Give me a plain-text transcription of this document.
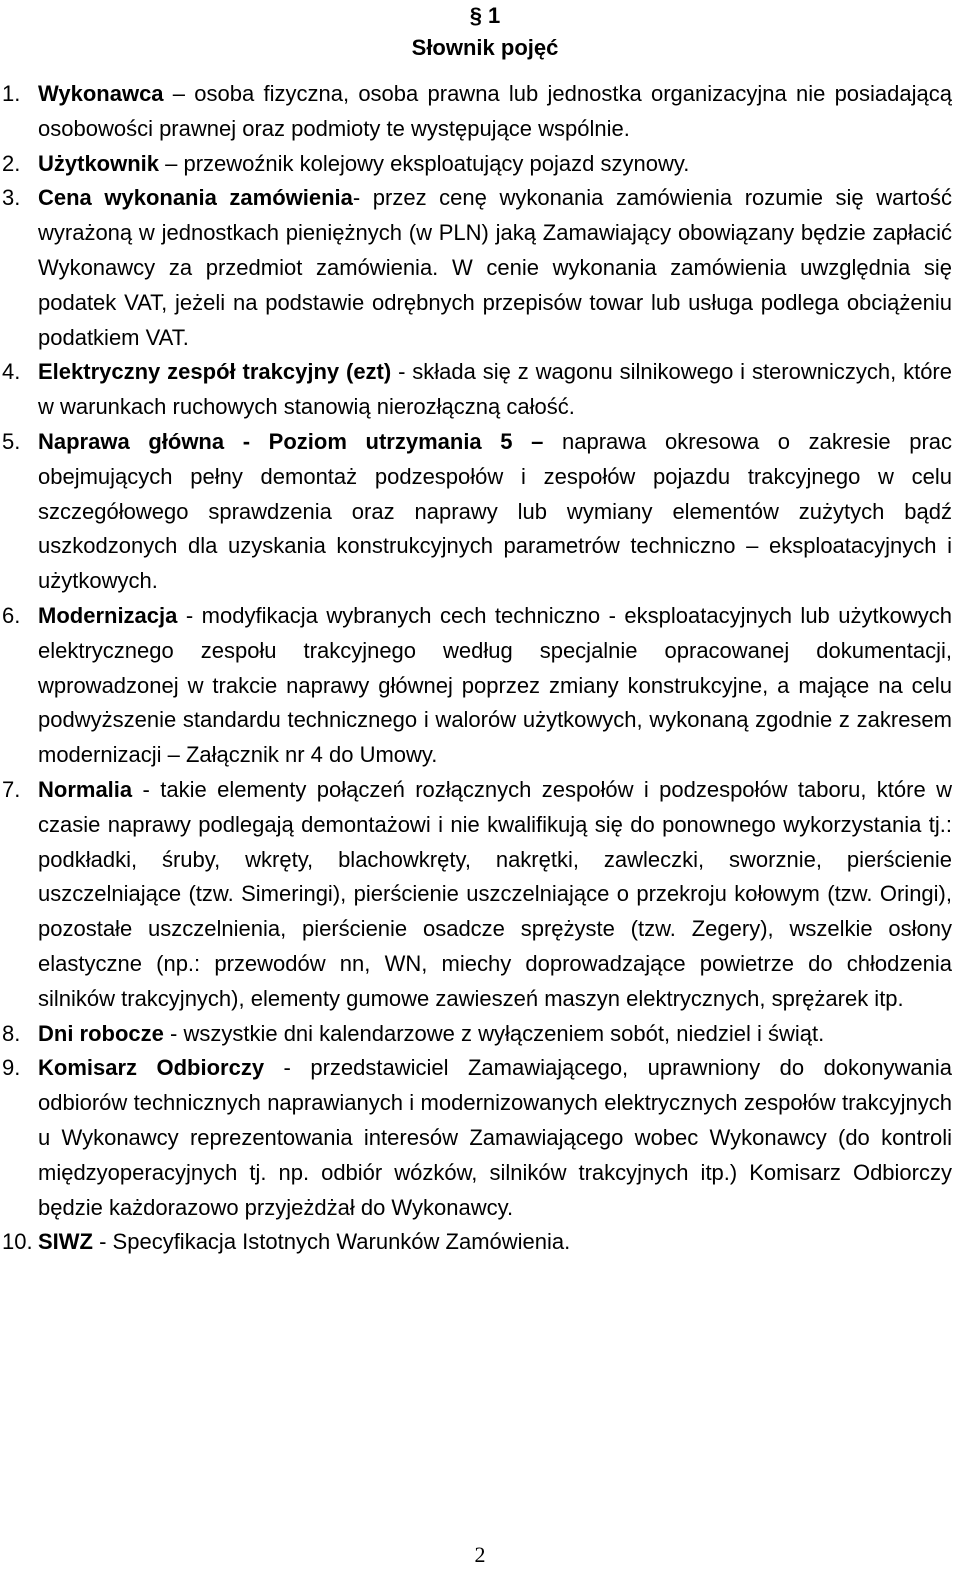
§ 1
Słownik pojęć
1. Wykonawca – osoba fizyczna, osoba prawna lub jednostka organizacyjna nie posiadającą osobowości prawnej oraz podmioty te występujące wspólnie.
2. Użytkownik – przewoźnik kolejowy eksploatujący pojazd szynowy.
3. Cena wykonania zamówienia- przez cenę wykonania zamówienia rozumie się wartość wyrażoną w jednostkach pieniężnych (w PLN) jaką Zamawiający obowiązany będzie zapłacić Wykonawcy za przedmiot zamówienia. W cenie wykonania zamówienia uwzględnia się podatek VAT, jeżeli na podstawie odrębnych przepisów towar lub usługa podlega obciążeniu podatkiem VAT.
4. Elektryczny zespół trakcyjny (ezt) - składa się z wagonu silnikowego i sterowniczych, które w warunkach ruchowych stanowią nierozłączną całość.
5. Naprawa główna - Poziom utrzymania 5 – naprawa okresowa o zakresie prac obejmujących pełny demontaż podzespołów i zespołów pojazdu trakcyjnego w celu szczegółowego sprawdzenia oraz naprawy lub wymiany elementów zużytych bądź uszkodzonych dla uzyskania konstrukcyjnych parametrów techniczno – eksploatacyjnych i użytkowych.
6. Modernizacja - modyfikacja wybranych cech techniczno - eksploatacyjnych lub użytkowych elektrycznego zespołu trakcyjnego według specjalnie opracowanej dokumentacji, wprowadzonej w trakcie naprawy głównej poprzez zmiany konstrukcyjne, a mające na celu podwyższenie standardu technicznego i walorów użytkowych, wykonaną zgodnie z zakresem modernizacji – Załącznik nr 4 do Umowy.
7. Normalia - takie elementy połączeń rozłącznych zespołów i podzespołów taboru, które w czasie naprawy podlegają demontażowi i nie kwalifikują się do ponownego wykorzystania tj.: podkładki, śruby, wkręty, blachowkręty, nakrętki, zawleczki, sworznie, pierścienie uszczelniające (tzw. Simeringi), pierścienie uszczelniające o przekroju kołowym (tzw. Oringi), pozostałe uszczelnienia, pierścienie osadcze sprężyste (tzw. Zegery), wszelkie osłony elastyczne (np.: przewodów nn, WN, miechy doprowadzające powietrze do chłodzenia silników trakcyjnych), elementy gumowe zawieszeń maszyn elektrycznych, sprężarek itp.
8. Dni robocze - wszystkie dni kalendarzowe z wyłączeniem sobót, niedziel i świąt.
9. Komisarz Odbiorczy - przedstawiciel Zamawiającego, uprawniony do dokonywania odbiorów technicznych naprawianych i modernizowanych elektrycznych zespołów trakcyjnych u Wykonawcy reprezentowania interesów Zamawiającego wobec Wykonawcy (do kontroli międzyoperacyjnych tj. np. odbiór wózków, silników trakcyjnych itp.) Komisarz Odbiorczy będzie każdorazowo przyjeżdżał do Wykonawcy.
10. SIWZ - Specyfikacja Istotnych Warunków Zamówienia.
2
